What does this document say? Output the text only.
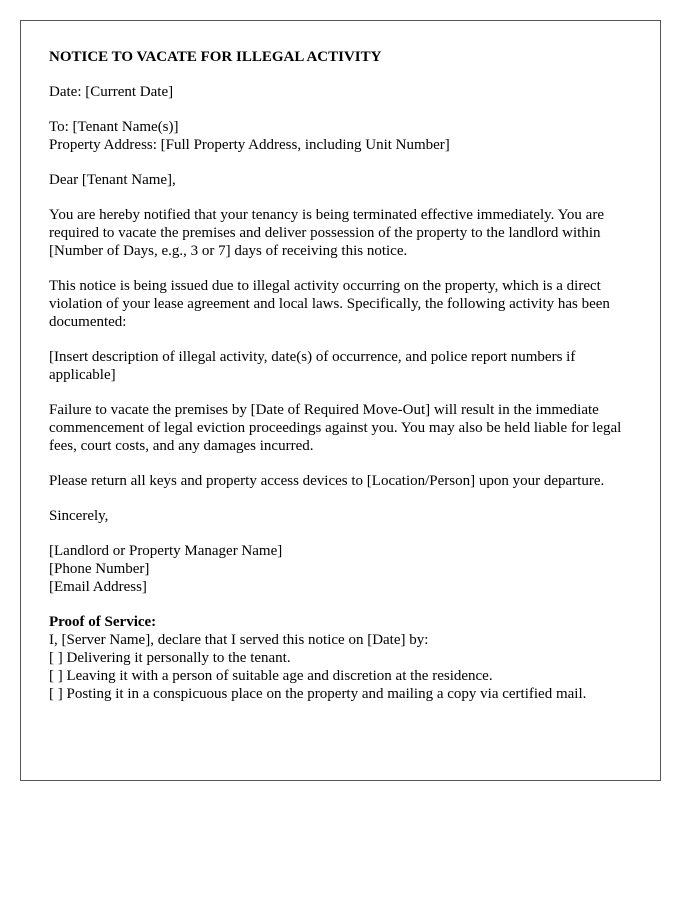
NOTICE TO VACATE FOR ILLEGAL ACTIVITY

Date: [Current Date]

To: [Tenant Name(s)]
Property Address: [Full Property Address, including Unit Number]

Dear [Tenant Name],

You are hereby notified that your tenancy is being terminated effective immediately. You are required to vacate the premises and deliver possession of the property to the landlord within [Number of Days, e.g., 3 or 7] days of receiving this notice.

This notice is being issued due to illegal activity occurring on the property, which is a direct violation of your lease agreement and local laws. Specifically, the following activity has been documented:

[Insert description of illegal activity, date(s) of occurrence, and police report numbers if applicable]

Failure to vacate the premises by [Date of Required Move-Out] will result in the immediate commencement of legal eviction proceedings against you. You may also be held liable for legal fees, court costs, and any damages incurred.

Please return all keys and property access devices to [Location/Person] upon your departure.

Sincerely,

[Landlord or Property Manager Name]
[Phone Number]
[Email Address]

Proof of Service:
I, [Server Name], declare that I served this notice on [Date] by:
[ ] Delivering it personally to the tenant.
[ ] Leaving it with a person of suitable age and discretion at the residence.
[ ] Posting it in a conspicuous place on the property and mailing a copy via certified mail.
